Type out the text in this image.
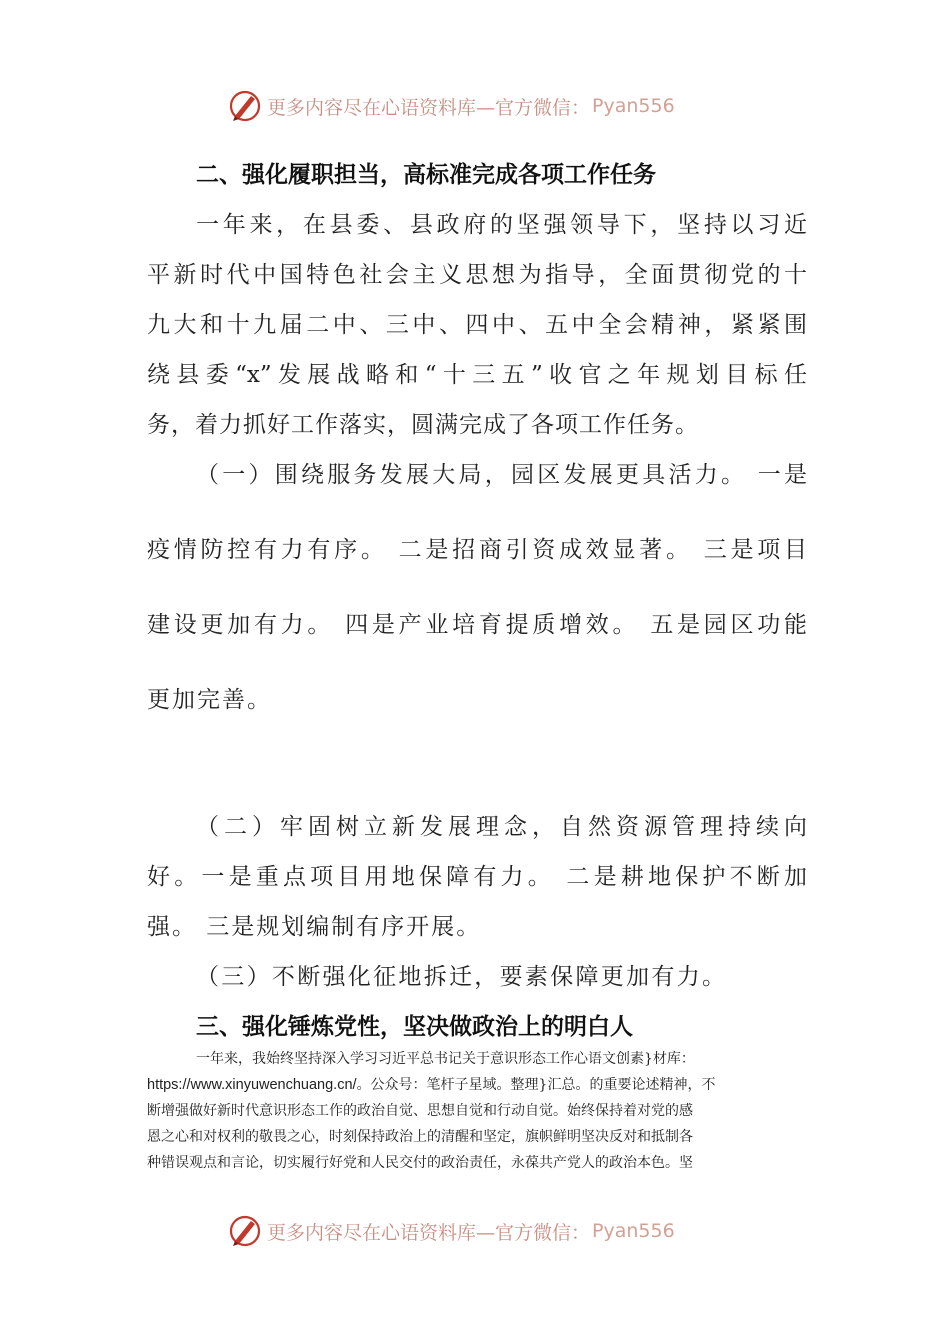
更多内容尽在心语资料库—官方微信： Pyan556
二、强化履职担当，高标准完成各项工作任务
一年来，在县委、县政府的坚强领导下，坚持以习近
平新时代中国特色社会主义思想为指导，全面贯彻党的十
九大和十九届二中、三中、四中、五中全会精神，紧紧围
绕县委“x”发展战略和“十三五”收官之年规划目标任
务，着力抓好工作落实，圆满完成了各项工作任务。
（一）围绕服务发展大局，园区发展更具活力。 一是
疫情防控有力有序。 二是招商引资成效显著。 三是项目
建设更加有力。 四是产业培育提质增效。 五是园区功能
更加完善。
（二）牢固树立新发展理念，自然资源管理持续向
好。一是重点项目用地保障有力。 二是耕地保护不断加
强。 三是规划编制有序开展。
（三）不断强化征地拆迁，要素保障更加有力。
三、强化锤炼党性，坚决做政治上的明白人
一年来，我始终坚持深入学习习近平总书记关于意识形态工作心语文创素}材库：
https://www.xinyuwenchuang.cn/。公众号：笔杆子星域。整理}汇总。的重要论述精神，不
断增强做好新时代意识形态工作的政治自觉、思想自觉和行动自觉。始终保持着对党的感
恩之心和对权利的敬畏之心，时刻保持政治上的清醒和坚定，旗帜鲜明坚决反对和抵制各
种错误观点和言论，切实履行好党和人民交付的政治责任，永葆共产党人的政治本色。坚
更多内容尽在心语资料库—官方微信： Pyan556
